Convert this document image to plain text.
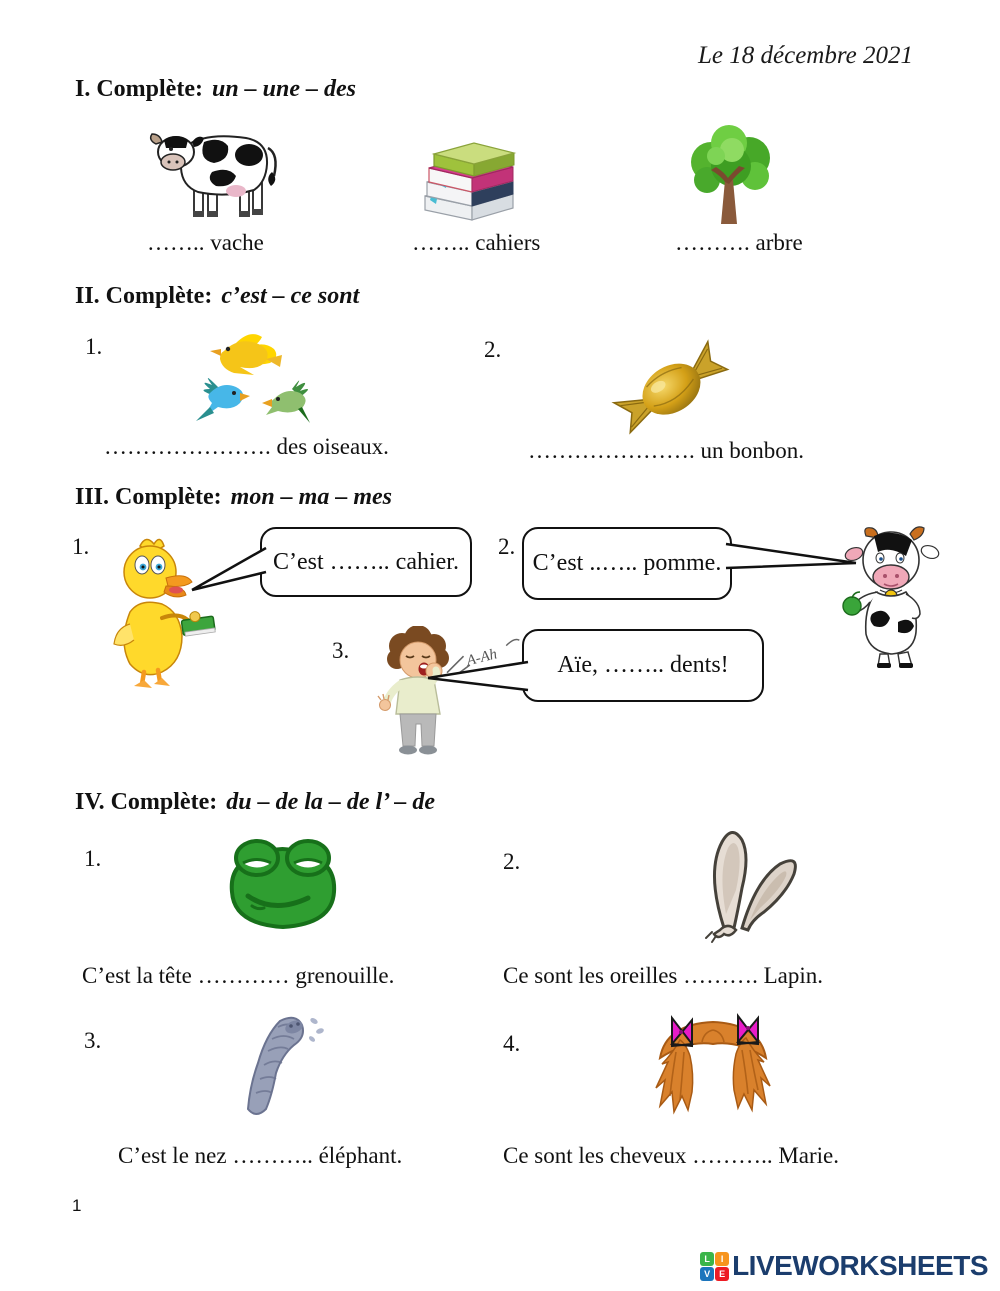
Le 18 décembre 2021
I. Complète: un – une – des
…….. vache	…….. cahiers	………. arbre
II. Complète: c’est – ce sont
1.	2.
…………………. des oiseaux.	…………………. un bonbon.
III. Complète: mon – ma – mes
1.
C’est …….. cahier.
2.
C’est ..….. pomme.
3.	A-Ah	Aïe, …….. dents!
IV. Complète: du – de la – de l’ – de
1.	2.
C’est la tête ………… grenouille.	Ce sont les oreilles ………. Lapin.
3.	4.
C’est le nez ……….. éléphant.	Ce sont les cheveux ……….. Marie.
1
L	I
V E LIVEWORKSHEETS
